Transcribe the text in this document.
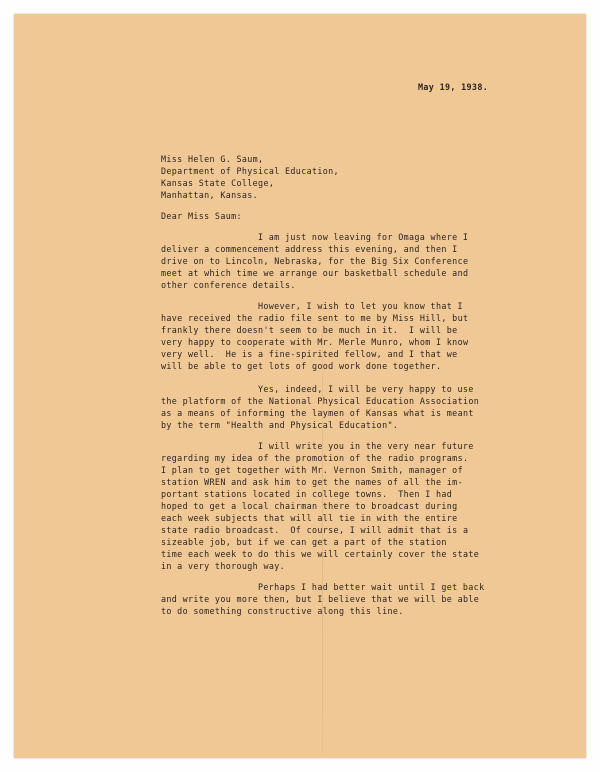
May 19, 1938.
Miss Helen G. Saum,
Department of Physical Education,
Kansas State College,
Manhattan, Kansas.
Dear Miss Saum:
I am just now leaving for Omaga where I
deliver a commencement address this evening, and then I
drive on to Lincoln, Nebraska, for the Big Six Conference
meet at which time we arrange our basketball schedule and
other conference details.
However, I wish to let you know that I
have received the radio file sent to me by Miss Hill, but
frankly there doesn't seem to be much in it.  I will be
very happy to cooperate with Mr. Merle Munro, whom I know
very well.  He is a fine-spirited fellow, and I that we
will be able to get lots of good work done together.
Yes, indeed, I will be very happy to use
the platform of the National Physical Education Association
as a means of informing the laymen of Kansas what is meant
by the term "Health and Physical Education".
I will write you in the very near future
regarding my idea of the promotion of the radio programs.
I plan to get together with Mr. Vernon Smith, manager of
station WREN and ask him to get the names of all the im-
portant stations located in college towns.  Then I had
hoped to get a local chairman there to broadcast during
each week subjects that will all tie in with the entire
state radio broadcast.  Of course, I will admit that is a
sizeable job, but if we can get a part of the station
time each week to do this we will certainly cover the state
in a very thorough way.
Perhaps I had better wait until I get back
and write you more then, but I believe that we will be able
to do something constructive along this line.
